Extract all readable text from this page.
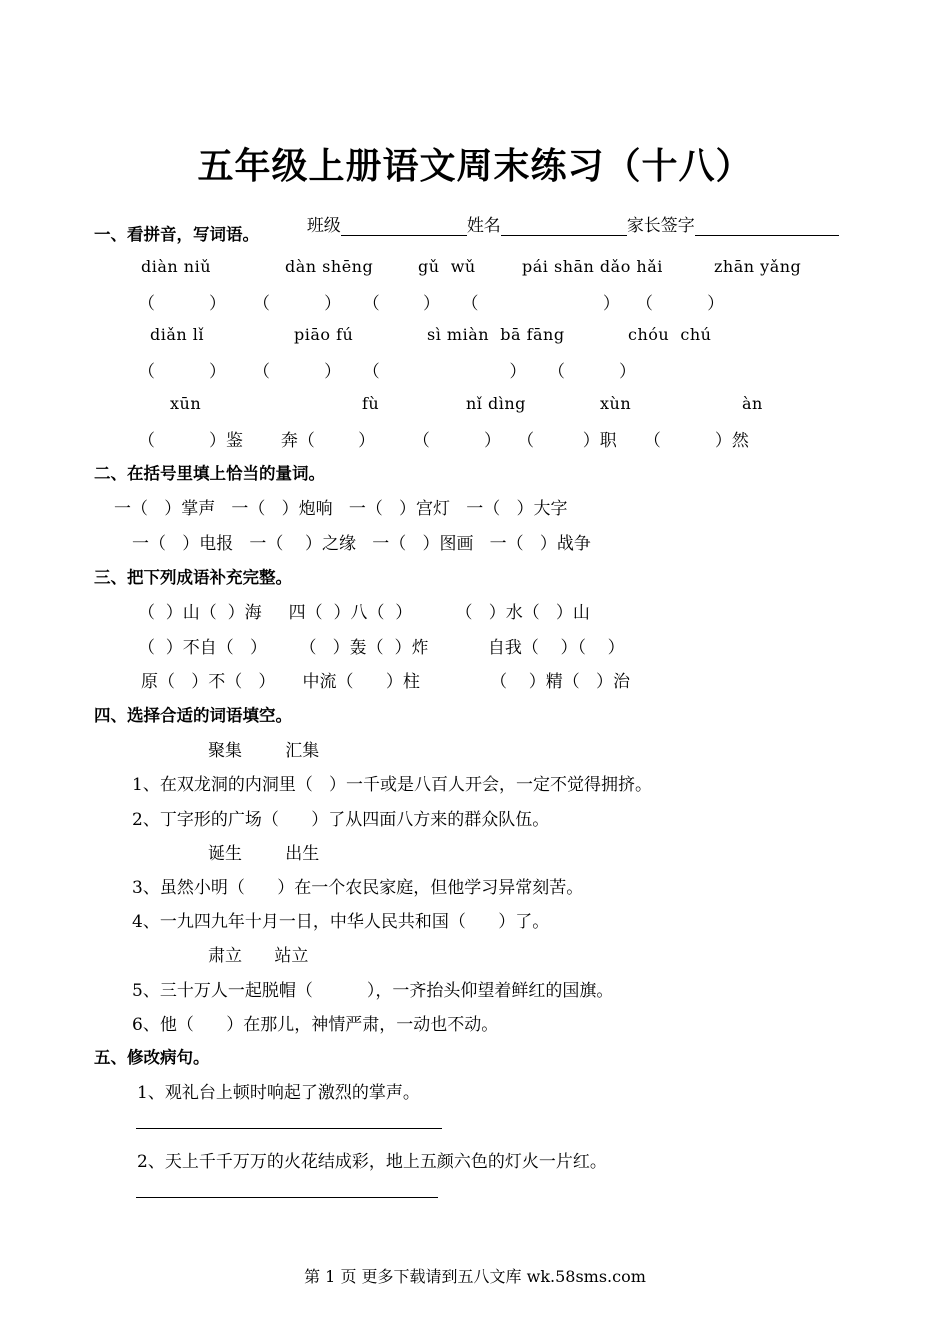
五年级上册语文周末练习（十八）

班级	姓名	家长签字

一、看拼音，写词语。
diàn niǔ	dàn shēng	gǔ  wǔ	pái shān dǎo hǎi	zhān yǎng
（          ）     （          ）    （        ）    （                       ）   （          ）
diǎn lǐ	piāo fú	sì miàn  bā fāng	chóu  chú
（          ）     （          ）    （                        ）    （          ）
xūn	fù	nǐ dìng	xùn	àn
（          ）鉴       奔（        ）       （          ）   （         ）职     （          ）然
二、在括号里填上恰当的量词。
一（   ）掌声   一（   ）炮响   一（   ）宫灯   一（   ）大字
一（   ）电报   一（    ）之缘   一（   ）图画   一（   ）战争
三、把下列成语补充完整。
（  ）山（  ）海     四（  ）八（  ）        （   ）水（   ）山
（  ）不自（   ）      （   ）轰（  ）炸           自我（    ）（    ）
原（   ）不（   ）     中流（      ）柱             （    ）精（   ）治
四、选择合适的词语填空。
聚集        汇集
1、在双龙洞的内洞里（   ）一千或是八百人开会，一定不觉得拥挤。
2、丁字形的广场（      ）了从四面八方来的群众队伍。
诞生        出生
3、虽然小明（      ）在一个农民家庭，但他学习异常刻苦。
4、一九四九年十月一日，中华人民共和国（      ）了。
肃立      站立
5、三十万人一起脱帽（          ），一齐抬头仰望着鲜红的国旗。
6、他（      ）在那儿，神情严肃，一动也不动。
五、修改病句。
1、观礼台上顿时响起了激烈的掌声。
2、天上千千万万的火花结成彩，地上五颜六色的灯火一片红。
第 1 页 更多下载请到五八文库 wk.58sms.com
